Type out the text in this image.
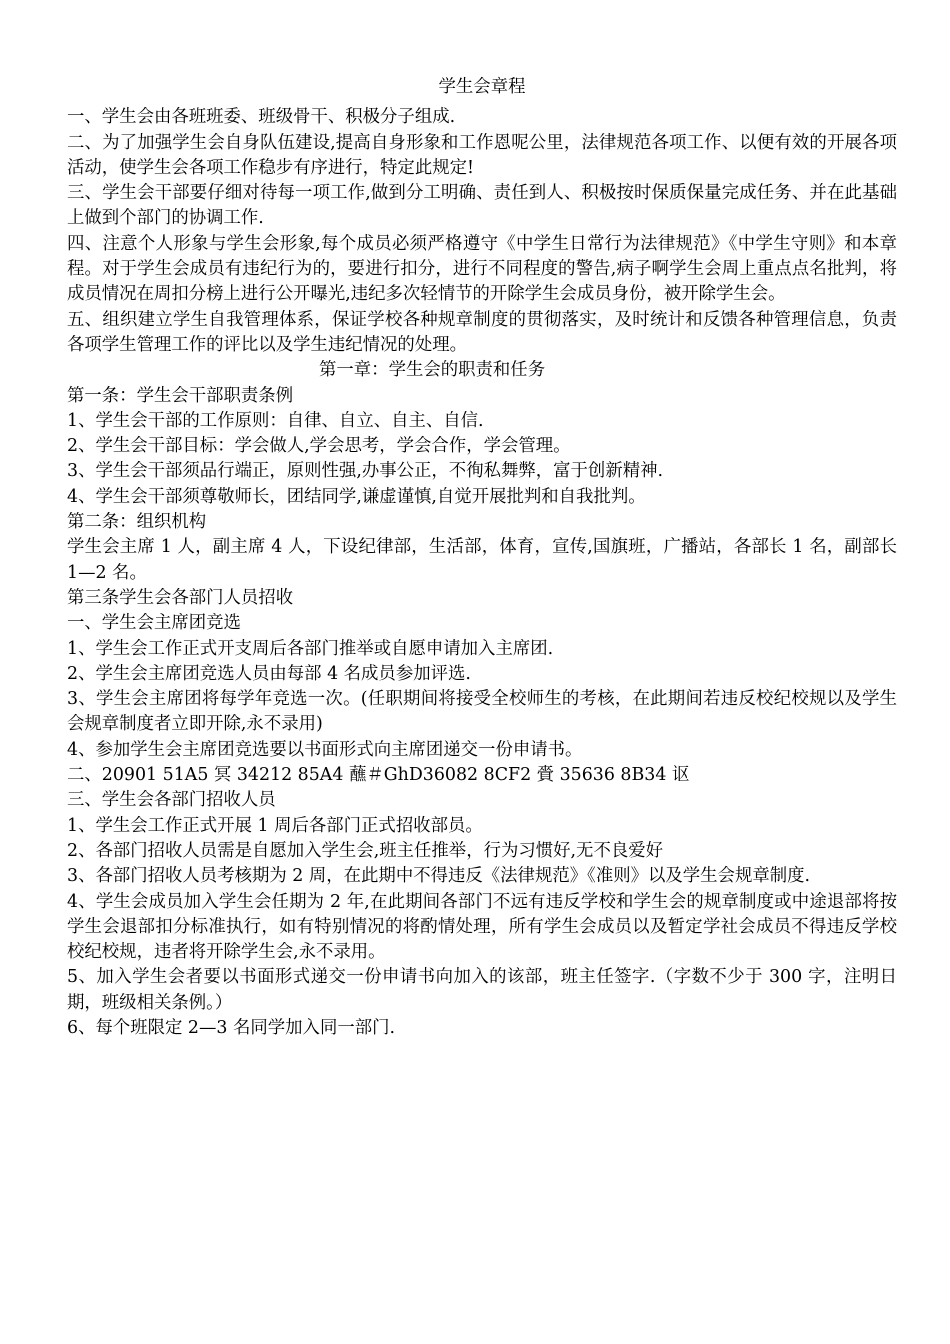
学生会章程

一、学生会由各班班委、班级骨干、积极分子组成.

二、为了加强学生会自身队伍建设,提高自身形象和工作恩呢公里，法律规范各项工作、以便有效的开展各项活动，使学生会各项工作稳步有序进行，特定此规定!

三、学生会干部要仔细对待每一项工作,做到分工明确、责任到人、积极按时保质保量完成任务、并在此基础上做到个部门的协调工作.

四、注意个人形象与学生会形象,每个成员必须严格遵守《中学生日常行为法律规范》《中学生守则》和本章程。对于学生会成员有违纪行为的，要进行扣分，进行不同程度的警告,病子啊学生会周上重点点名批判，将成员情况在周扣分榜上进行公开曝光,违纪多次轻情节的开除学生会成员身份，被开除学生会。

五、组织建立学生自我管理体系，保证学校各种规章制度的贯彻落实，及时统计和反馈各种管理信息，负责各项学生管理工作的评比以及学生违纪情况的处理。

第一章：学生会的职责和任务

第一条：学生会干部职责条例

1、学生会干部的工作原则：自律、自立、自主、自信.

2、学生会干部目标：学会做人,学会思考，学会合作，学会管理。

3、学生会干部须品行端正，原则性强,办事公正，不徇私舞弊，富于创新精神.

4、学生会干部须尊敬师长，团结同学,谦虚谨慎,自觉开展批判和自我批判。

第二条：组织机构

学生会主席 1 人，副主席 4 人，下设纪律部，生活部，体育，宣传,国旗班，广播站，各部长 1 名，副部长 1—2 名。

第三条学生会各部门人员招收

一、学生会主席团竞选

1、学生会工作正式开支周后各部门推举或自愿申请加入主席团.

2、学生会主席团竞选人员由每部 4 名成员参加评选.

3、学生会主席团将每学年竞选一次。(任职期间将接受全校师生的考核，在此期间若违反校纪校规以及学生会规章制度者立即开除,永不录用)

4、参加学生会主席团竞选要以书面形式向主席团递交一份申请书。

二、20901 51A5 冥 34212 85A4 蘸＃GhD36082 8CF2 賫 35636 8B34 讴

三、学生会各部门招收人员

1、学生会工作正式开展 1 周后各部门正式招收部员。

2、各部门招收人员需是自愿加入学生会,班主任推举，行为习惯好,无不良爱好

3、各部门招收人员考核期为 2 周，在此期中不得违反《法律规范》《准则》以及学生会规章制度.

4、学生会成员加入学生会任期为 2 年,在此期间各部门不远有违反学校和学生会的规章制度或中途退部将按学生会退部扣分标准执行，如有特别情况的将酌情处理，所有学生会成员以及暂定学社会成员不得违反学校校纪校规，违者将开除学生会,永不录用。

5、加入学生会者要以书面形式递交一份申请书向加入的该部，班主任签字.（字数不少于 300 字，注明日期，班级相关条例。）

6、每个班限定 2—3 名同学加入同一部门.
